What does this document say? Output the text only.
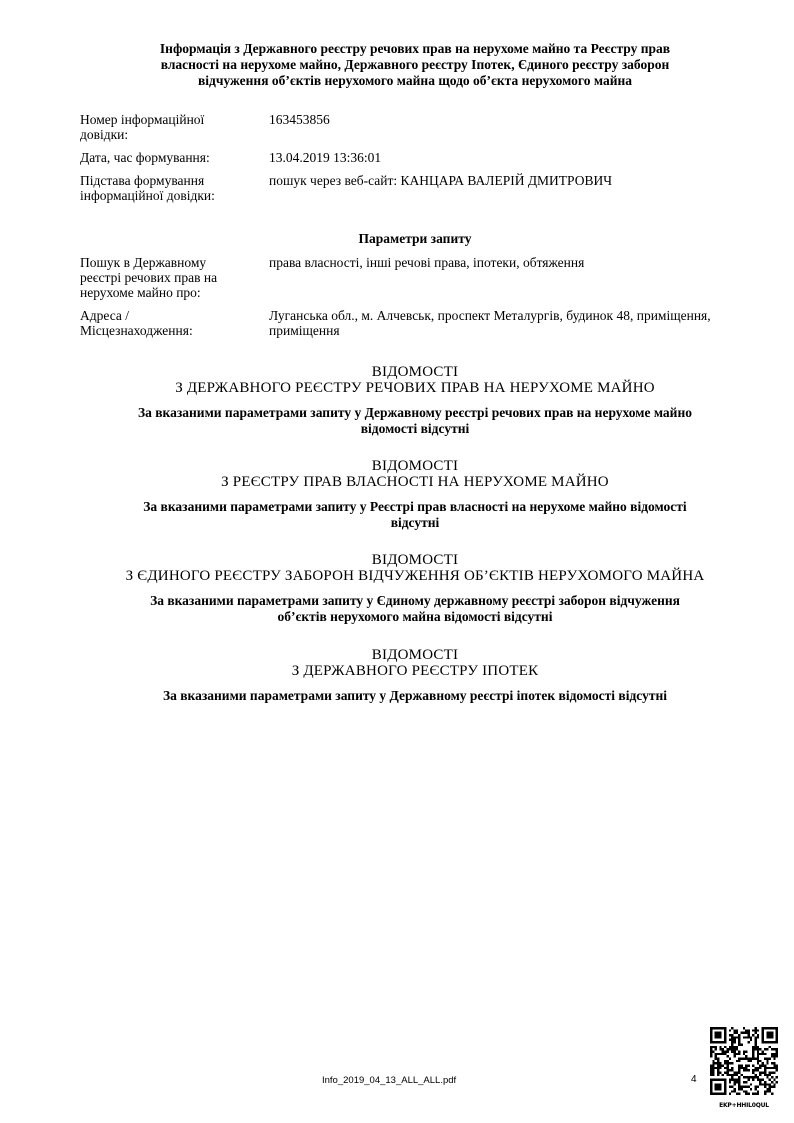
Інформація з Державного реєстру речових прав на нерухоме майно та Реєстру прав
власності на нерухоме майно, Державного реєстру Іпотек, Єдиного реєстру заборон
відчуження об’єктів нерухомого майна щодо об’єкта нерухомого майна
Номер інформаційної довідки:
163453856
Дата, час формування:	13.04.2019 13:36:01
Підстава формування інформаційної довідки:
пошук через веб-сайт: КАНЦАРА ВАЛЕРІЙ ДМИТРОВИЧ
Параметри запиту
Пошук в Державному реєстрі речових прав на нерухоме майно про:
права власності, інші речові права, іпотеки, обтяження
Адреса / Місцезнаходження:
Луганська обл., м. Алчевськ, проспект Металургів, будинок 48, приміщення, приміщення
ВІДОМОСТІ
З ДЕРЖАВНОГО РЕЄСТРУ РЕЧОВИХ ПРАВ НА НЕРУХОМЕ МАЙНО
За вказаними параметрами запиту у Державному реєстрі речових прав на нерухоме майно
відомості відсутні
ВІДОМОСТІ
З РЕЄСТРУ ПРАВ ВЛАСНОСТІ НА НЕРУХОМЕ МАЙНО
За вказаними параметрами запиту у Реєстрі прав власності на нерухоме майно відомості
відсутні
ВІДОМОСТІ
З ЄДИНОГО РЕЄСТРУ ЗАБОРОН ВІДЧУЖЕННЯ ОБ’ЄКТІВ НЕРУХОМОГО МАЙНА
За вказаними параметрами запиту у Єдиному державному реєстрі заборон відчуження
об’єктів нерухомого майна відомості відсутні
ВІДОМОСТІ
З ДЕРЖАВНОГО РЕЄСТРУ ІПОТЕК
За вказаними параметрами запиту у Державному реєстрі іпотек відомості відсутні
Info_2019_04_13_ALL_ALL.pdf	4
EKP+HHIL0QUL
